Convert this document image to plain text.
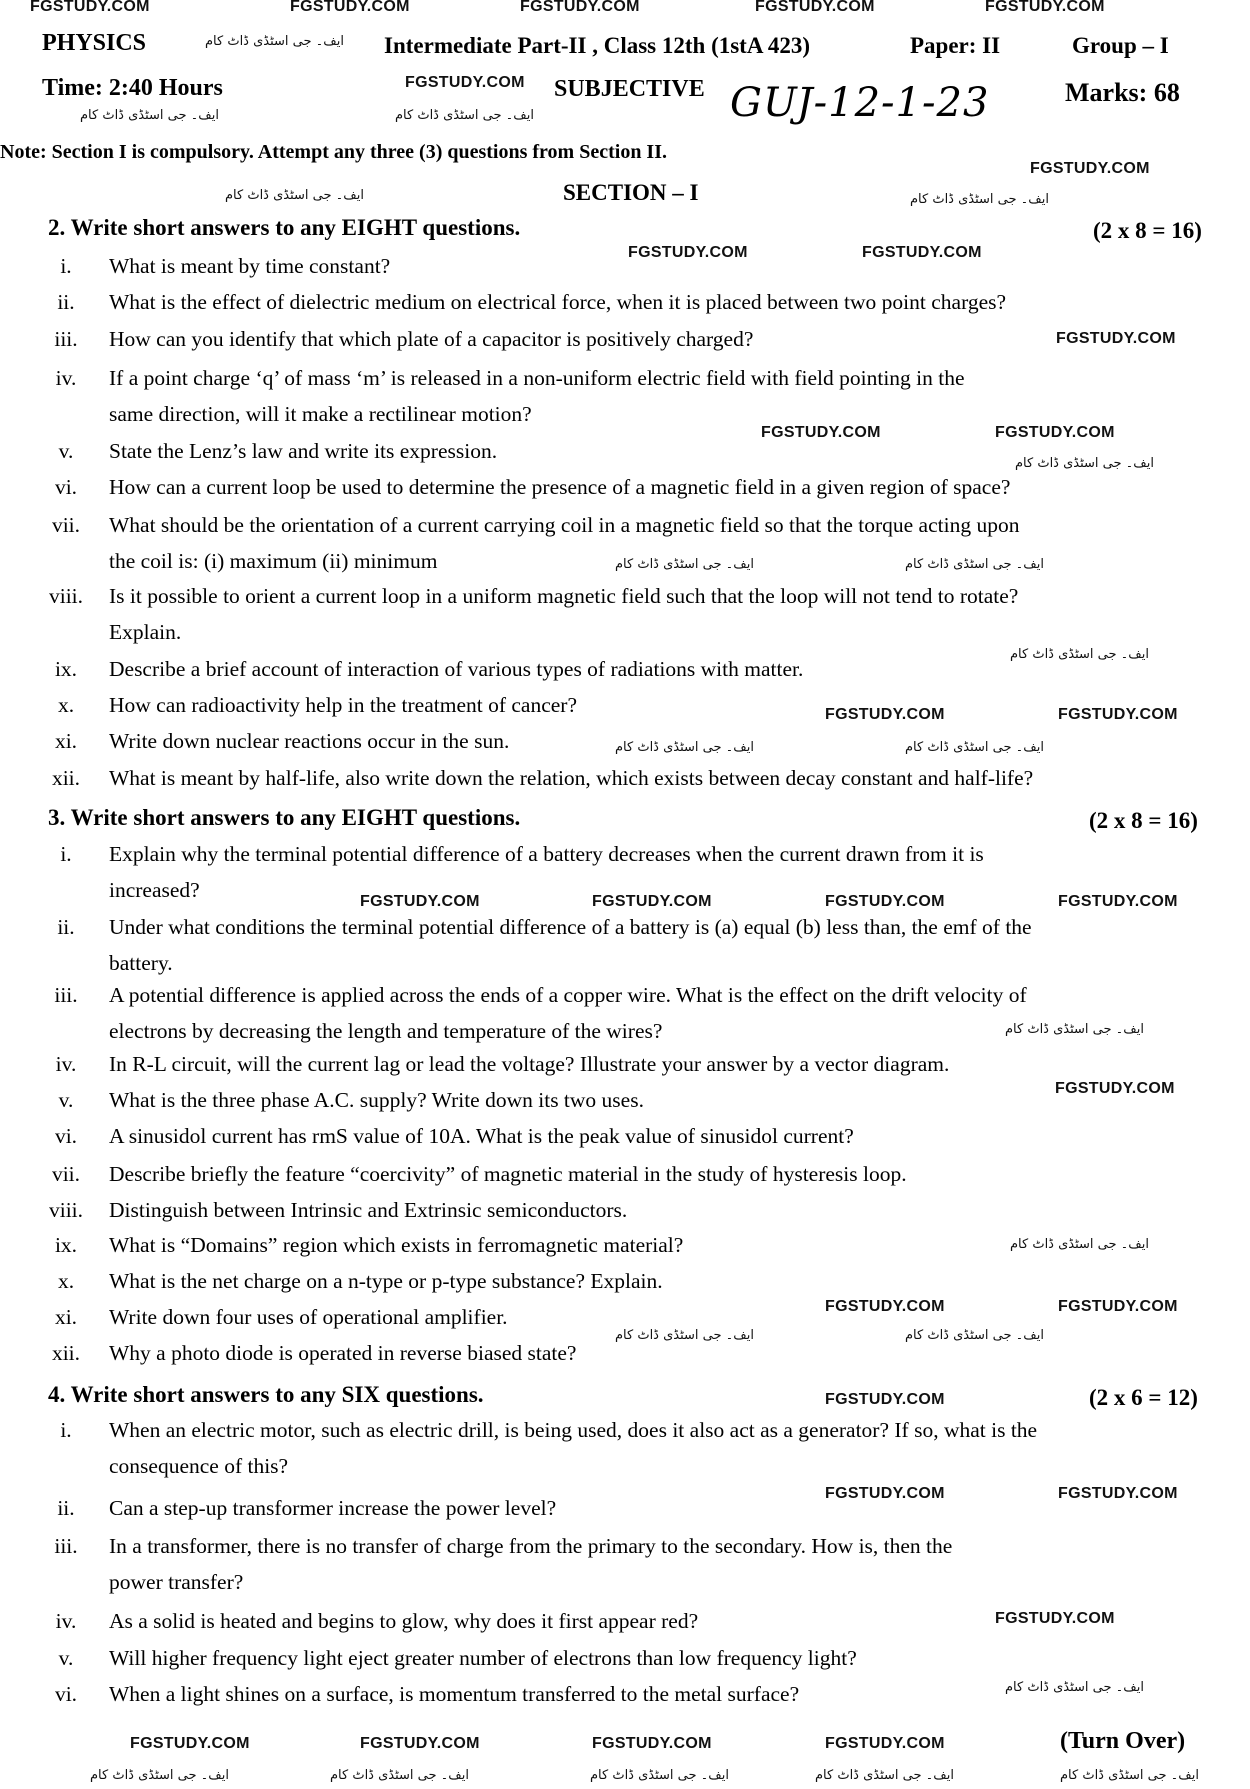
FGSTUDY.COM	FGSTUDY.COM	FGSTUDY.COM	FGSTUDY.COM	FGSTUDY.COM
PHYSICS	ایف۔ جی اسٹڈی ڈاٹ کام Intermediate Part-II , Class 12th (1stA 423)	Paper: II	Group – I
Time: 2:40 Hours	FGSTUDY.COM SUBJECTIVE GUJ-12-1-23	Marks: 68
ایف۔ جی اسٹڈی ڈاٹ کام	ایف۔ جی اسٹڈی ڈاٹ کام
Note: Section I is compulsory. Attempt any three (3) questions from Section II.
FGSTUDY.COM
ایف۔ جی اسٹڈی ڈاٹ کام	SECTION – I	ایف۔ جی اسٹڈی ڈاٹ کام
2. Write short answers to any EIGHT questions.	(2 x 8 = 16)
i.	What is meant by time constant?
ii.	What is the effect of dielectric medium on electrical force, when it is placed between two point charges?
iii.	How can you identify that which plate of a capacitor is positively charged?
iv.	If a point charge ‘q’ of mass ‘m’ is released in a non-uniform electric field with field pointing in the
same direction, will it make a rectilinear motion?
v.	State the Lenz’s law and write its expression.
vi.	How can a current loop be used to determine the presence of a magnetic field in a given region of space?
vii. What should be the orientation of a current carrying coil in a magnetic field so that the torque acting upon
the coil is: (i) maximum (ii) minimum
viii. Is it possible to orient a current loop in a uniform magnetic field such that the loop will not tend to rotate?
Explain.
ix.	Describe a brief account of interaction of various types of radiations with matter.
x.	How can radioactivity help in the treatment of cancer?
xi.	Write down nuclear reactions occur in the sun.
xii. What is meant by half-life, also write down the relation, which exists between decay constant and half-life?
FGSTUDY.COM	FGSTUDY.COM
FGSTUDY.COM
FGSTUDY.COM	FGSTUDY.COM
ایف۔ جی اسٹڈی ڈاٹ کام
ایف۔ جی اسٹڈی ڈاٹ کام	ایف۔ جی اسٹڈی ڈاٹ کام
ایف۔ جی اسٹڈی ڈاٹ کام
FGSTUDY.COM	FGSTUDY.COM
ایف۔ جی اسٹڈی ڈاٹ کام	ایف۔ جی اسٹڈی ڈاٹ کام
3. Write short answers to any EIGHT questions.	(2 x 8 = 16)
i.	Explain why the terminal potential difference of a battery decreases when the current drawn from it is
increased?
ii.	Under what conditions the terminal potential difference of a battery is (a) equal (b) less than, the emf of the
battery.
iii.	A potential difference is applied across the ends of a copper wire. What is the effect on the drift velocity of
electrons by decreasing the length and temperature of the wires?
iv.	In R-L circuit, will the current lag or lead the voltage? Illustrate your answer by a vector diagram.
v.	What is the three phase A.C. supply? Write down its two uses.
vi.	A sinusidol current has rmS value of 10A. What is the peak value of sinusidol current?
vii. Describe briefly the feature “coercivity” of magnetic material in the study of hysteresis loop.
viii. Distinguish between Intrinsic and Extrinsic semiconductors.
ix.	What is “Domains” region which exists in ferromagnetic material?
x.	What is the net charge on a n-type or p-type substance? Explain.
xi.	Write down four uses of operational amplifier.
xii. Why a photo diode is operated in reverse biased state?
FGSTUDY.COM	FGSTUDY.COM	FGSTUDY.COM	FGSTUDY.COM
ایف۔ جی اسٹڈی ڈاٹ کام
FGSTUDY.COM
ایف۔ جی اسٹڈی ڈاٹ کام
FGSTUDY.COM	FGSTUDY.COM
ایف۔ جی اسٹڈی ڈاٹ کام	ایف۔ جی اسٹڈی ڈاٹ کام
4. Write short answers to any SIX questions.	FGSTUDY.COM	(2 x 6 = 12)
i.	When an electric motor, such as electric drill, is being used, does it also act as a generator? If so, what is the
consequence of this?
ii.	Can a step-up transformer increase the power level?
iii.	In a transformer, there is no transfer of charge from the primary to the secondary. How is, then the
power transfer?
iv.	As a solid is heated and begins to glow, why does it first appear red?
v.	Will higher frequency light eject greater number of electrons than low frequency light?
vi.	When a light shines on a surface, is momentum transferred to the metal surface?
FGSTUDY.COM	FGSTUDY.COM
FGSTUDY.COM
ایف۔ جی اسٹڈی ڈاٹ کام
FGSTUDY.COM	FGSTUDY.COM	FGSTUDY.COM	FGSTUDY.COM	(Turn Over)
ایف۔ جی اسٹڈی ڈاٹ کام	ایف۔ جی اسٹڈی ڈاٹ کام	ایف۔ جی اسٹڈی ڈاٹ کام	ایف۔ جی اسٹڈی ڈاٹ کام	ایف۔ جی اسٹڈی ڈاٹ کام
